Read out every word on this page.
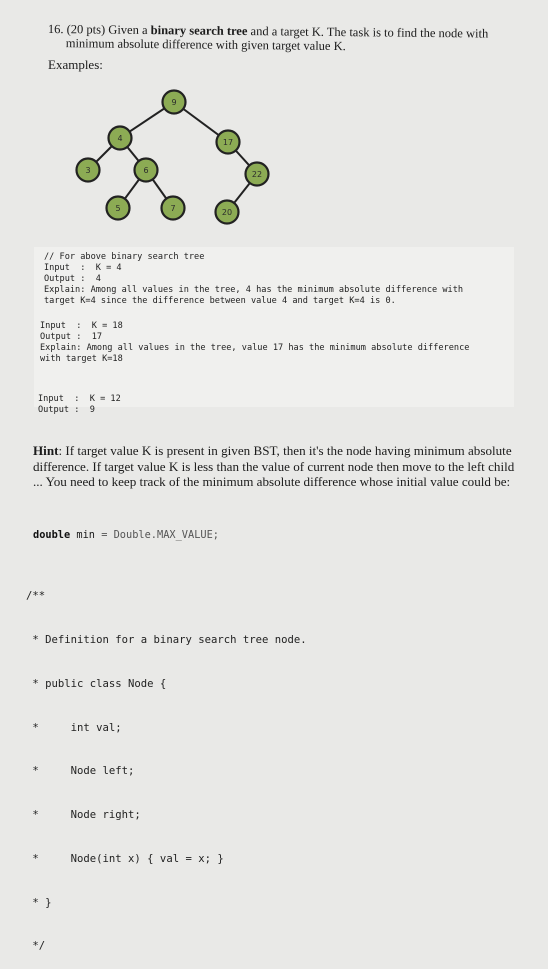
16. (20 pts) Given a binary search tree and a target K. The task is to find the node with
minimum absolute difference with given target value K.
Examples:
9
4	17
3	6	22
5	7	20
// For above binary search tree
Input  :  K = 4
Output :  4
Explain: Among all values in the tree, 4 has the minimum absolute difference with
target K=4 since the difference between value 4 and target K=4 is 0.
Input  :  K = 18
Output :  17
Explain: Among all values in the tree, value 17 has the minimum absolute difference
with target K=18
Input  :  K = 12
Output :  9
Hint: If target value K is present in given BST, then it's the node having minimum absolute difference. If target value K is less than the value of current node then move to the left child ... You need to keep track of the minimum absolute difference whose initial value could be:
double min = Double.MAX_VALUE;

/**

* Definition for a binary search tree node.

* public class Node {

*     int val;

*     Node left;

*     Node right;

*     Node(int x) { val = x; }

* }

*/
